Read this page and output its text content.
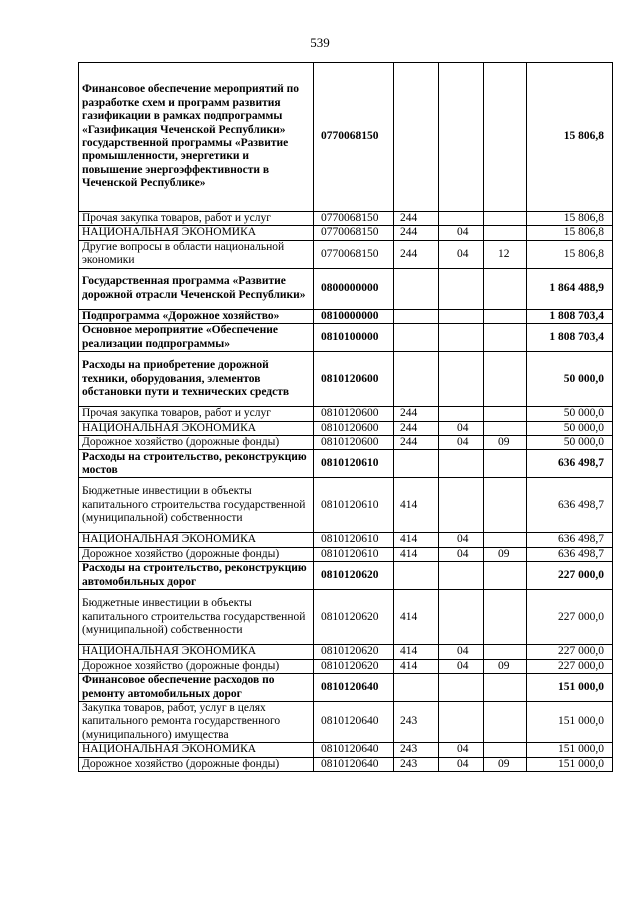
539
Финансовое обеспечение мероприятий по разработке схем и программ развития газификации в рамках подпрограммы «Газификация Чеченской Республики» государственной программы «Развитие промышленности, энергетики и повышение энергоэффективности в Чеченской Республике»	0770068150				15 806,8
Прочая закупка товаров, работ и услуг	0770068150	244			15 806,8
НАЦИОНАЛЬНАЯ ЭКОНОМИКА	0770068150	244	04		15 806,8
Другие вопросы в области национальной экономики	0770068150	244	04	12	15 806,8
Государственная программа «Развитие дорожной отрасли Чеченской Республики»	0800000000				1 864 488,9
Подпрограмма «Дорожное хозяйство»	0810000000				1 808 703,4
Основное мероприятие «Обеспечение реализации подпрограммы»	0810100000				1 808 703,4
Расходы на приобретение дорожной техники, оборудования, элементов обстановки пути и технических средств	0810120600				50 000,0
Прочая закупка товаров, работ и услуг	0810120600	244			50 000,0
НАЦИОНАЛЬНАЯ ЭКОНОМИКА	0810120600	244	04		50 000,0
Дорожное хозяйство (дорожные фонды)	0810120600	244	04	09	50 000,0
Расходы на строительство, реконструкцию мостов	0810120610				636 498,7
Бюджетные инвестиции в объекты капитального строительства государственной (муниципальной) собственности	0810120610	414			636 498,7
НАЦИОНАЛЬНАЯ ЭКОНОМИКА	0810120610	414	04		636 498,7
Дорожное хозяйство (дорожные фонды)	0810120610	414	04	09	636 498,7
Расходы на строительство, реконструкцию автомобильных дорог	0810120620				227 000,0
Бюджетные инвестиции в объекты капитального строительства государственной (муниципальной) собственности	0810120620	414			227 000,0
НАЦИОНАЛЬНАЯ ЭКОНОМИКА	0810120620	414	04		227 000,0
Дорожное хозяйство (дорожные фонды)	0810120620	414	04	09	227 000,0
Финансовое обеспечение расходов по ремонту автомобильных дорог	0810120640				151 000,0
Закупка товаров, работ, услуг в целях капитального ремонта государственного (муниципального) имущества	0810120640	243			151 000,0
НАЦИОНАЛЬНАЯ ЭКОНОМИКА	0810120640	243	04		151 000,0
Дорожное хозяйство (дорожные фонды)	0810120640	243	04	09	151 000,0
